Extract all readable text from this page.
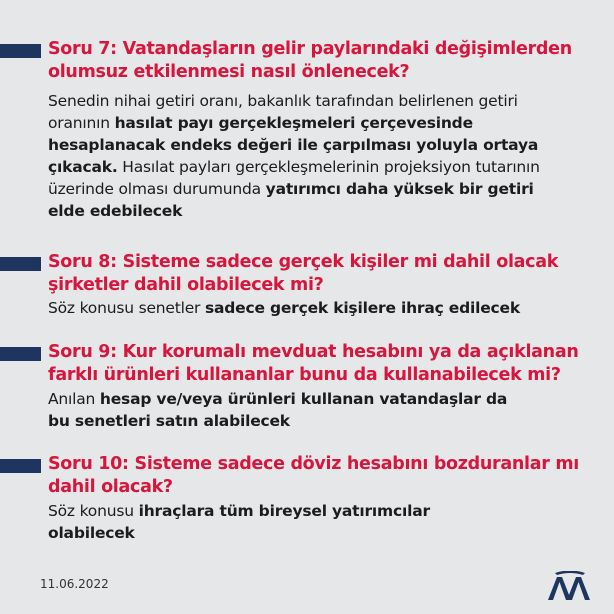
Soru 7: Vatandaşların gelir paylarındaki değişimlerden olumsuz etkilenmesi nasıl önlenecek?

Senedin nihai getiri oranı, bakanlık tarafından belirlenen getiri oranının hasılat payı gerçekleşmeleri çerçevesinde hesaplanacak endeks değeri ile çarpılması yoluyla ortaya çıkacak. Hasılat payları gerçekleşmelerinin projeksiyon tutarının üzerinde olması durumunda yatırımcı daha yüksek bir getiri elde edebilecek

Soru 8: Sisteme sadece gerçek kişiler mi dahil olacak şirketler dahil olabilecek mi?

Söz konusu senetler sadece gerçek kişilere ihraç edilecek

Soru 9: Kur korumalı mevduat hesabını ya da açıklanan farklı ürünleri kullananlar bunu da kullanabilecek mi?

Anılan hesap ve/veya ürünleri kullanan vatandaşlar da bu senetleri satın alabilecek

Soru 10: Sisteme sadece döviz hesabını bozduranlar mı dahil olacak?

Söz konusu ihraçlara tüm bireysel yatırımcılar olabilecek

11.06.2022
